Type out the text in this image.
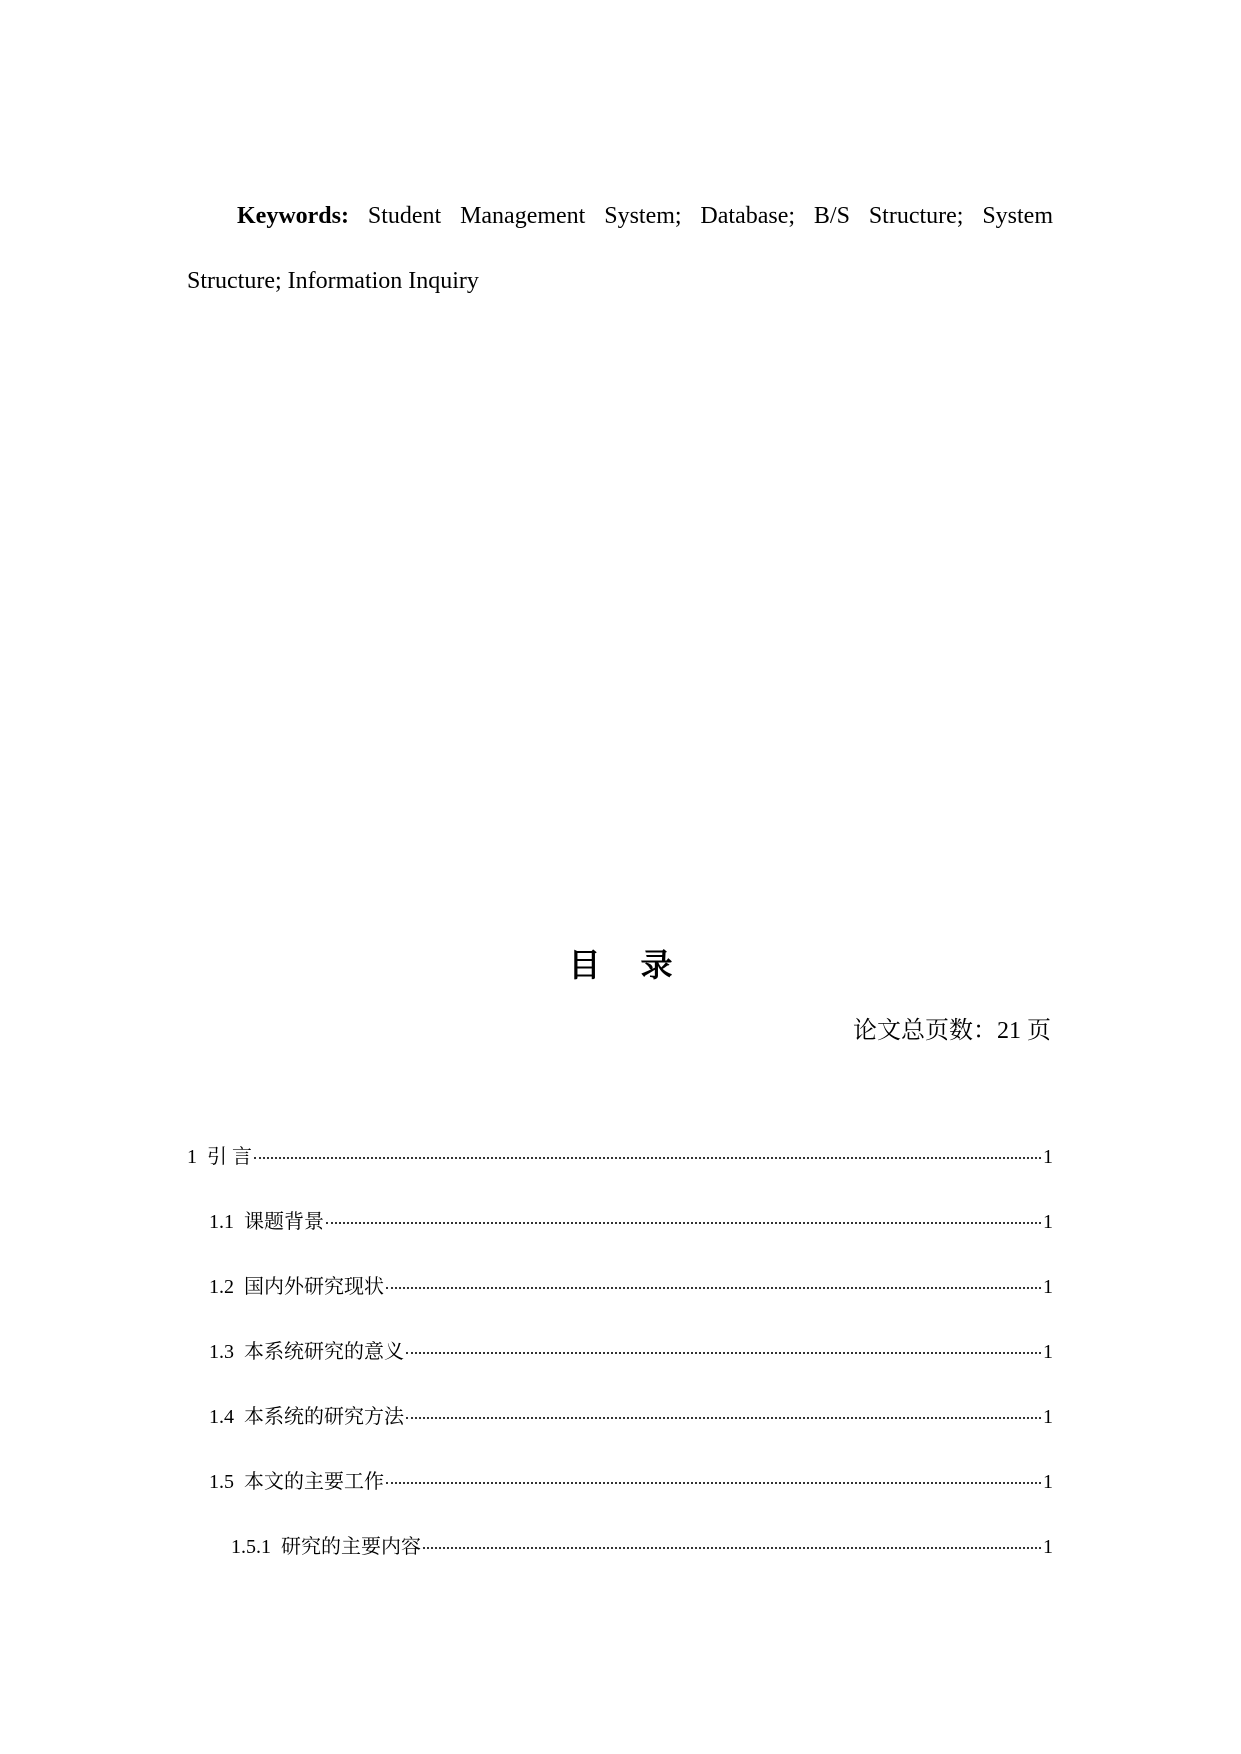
Keywords: Student Management System; Database; B/S Structure; System Structure; Information Inquiry

目 录
论文总页数：21 页
1 引 言	1
1.1 课题背景	1
1.2 国内外研究现状	1
1.3 本系统研究的意义	1
1.4 本系统的研究方法	1
1.5 本文的主要工作	1
1.5.1 研究的主要内容	1
